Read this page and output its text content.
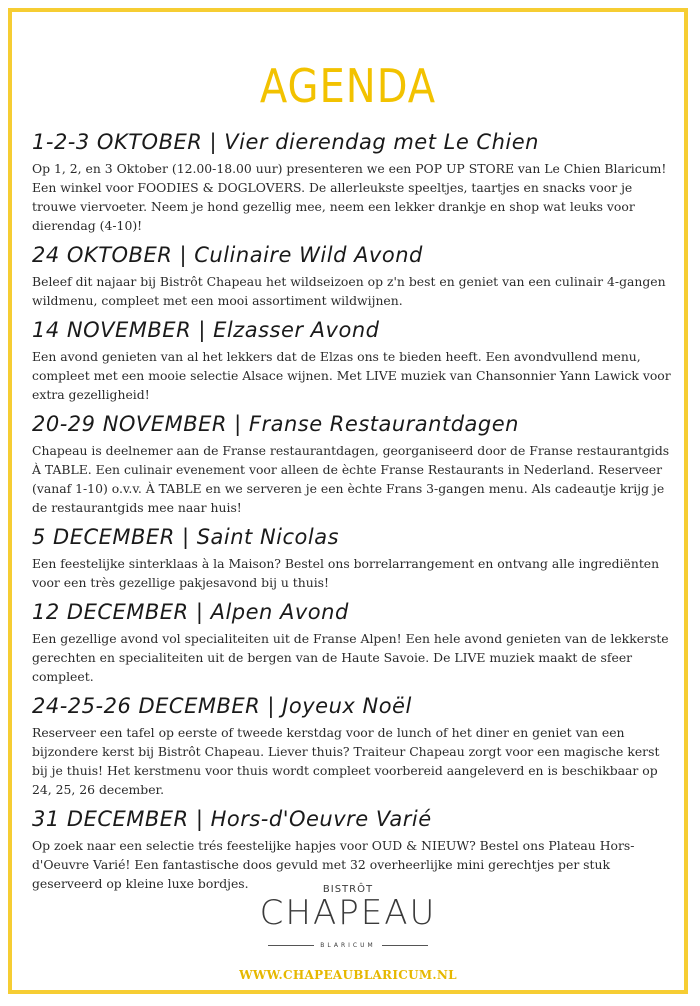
AGENDA
1-2-3 OKTOBER | Vier dierendag met Le Chien

Op 1, 2, en 3 Oktober (12.00-18.00 uur) presenteren we een POP UP STORE van Le Chien Blaricum! Een winkel voor FOODIES & DOGLOVERS. De allerleukste speeltjes, taartjes en snacks voor je trouwe viervoeter. Neem je hond gezellig mee, neem een lekker drankje en shop wat leuks voor dierendag (4-10)!

24 OKTOBER | Culinaire Wild Avond

Beleef dit najaar bij Bistrôt Chapeau het wildseizoen op z'n best en geniet van een culinair 4-gangen wildmenu, compleet met een mooi assortiment wildwijnen.

14 NOVEMBER | Elzasser Avond

Een avond genieten van al het lekkers dat de Elzas ons te bieden heeft. Een avondvullend menu, compleet met een mooie selectie Alsace wijnen. Met LIVE muziek van Chansonnier Yann Lawick voor extra gezelligheid!

20-29 NOVEMBER | Franse Restaurantdagen

Chapeau is deelnemer aan de Franse restaurantdagen, georganiseerd door de Franse restaurantgids À TABLE. Een culinair evenement voor alleen de èchte Franse Restaurants in Nederland. Reserveer (vanaf 1-10) o.v.v. À TABLE en we serveren je een èchte Frans 3-gangen menu. Als cadeautje krijg je de restaurantgids mee naar huis!

5 DECEMBER | Saint Nicolas

Een feestelijke sinterklaas à la Maison? Bestel ons borrelarrangement en ontvang alle ingrediënten voor een très gezellige pakjesavond bij u thuis!

12 DECEMBER | Alpen Avond

Een gezellige avond vol specialiteiten uit de Franse Alpen! Een hele avond genieten van de lekkerste gerechten en specialiteiten uit de bergen van de Haute Savoie. De LIVE muziek maakt de sfeer compleet.

24-25-26 DECEMBER | Joyeux Noël

Reserveer een tafel op eerste of tweede kerstdag voor de lunch of het diner en geniet van een bijzondere kerst bij Bistrôt Chapeau. Liever thuis? Traiteur Chapeau zorgt voor een magische kerst bij je thuis! Het kerstmenu voor thuis wordt compleet voorbereid aangeleverd en is beschikbaar op 24, 25, 26 december.

31 DECEMBER | Hors-d'Oeuvre Varié

Op zoek naar een selectie trés feestelijke hapjes voor OUD & NIEUW? Bestel ons Plateau Hors-d'Oeuvre Varié! Een fantastische doos gevuld met 32 overheerlijke mini gerechtjes per stuk geserveerd op kleine luxe bordjes.	BISTRÔT
CHAPEAU
BLARICUM
WWW.CHAPEAUBLARICUM.NL
